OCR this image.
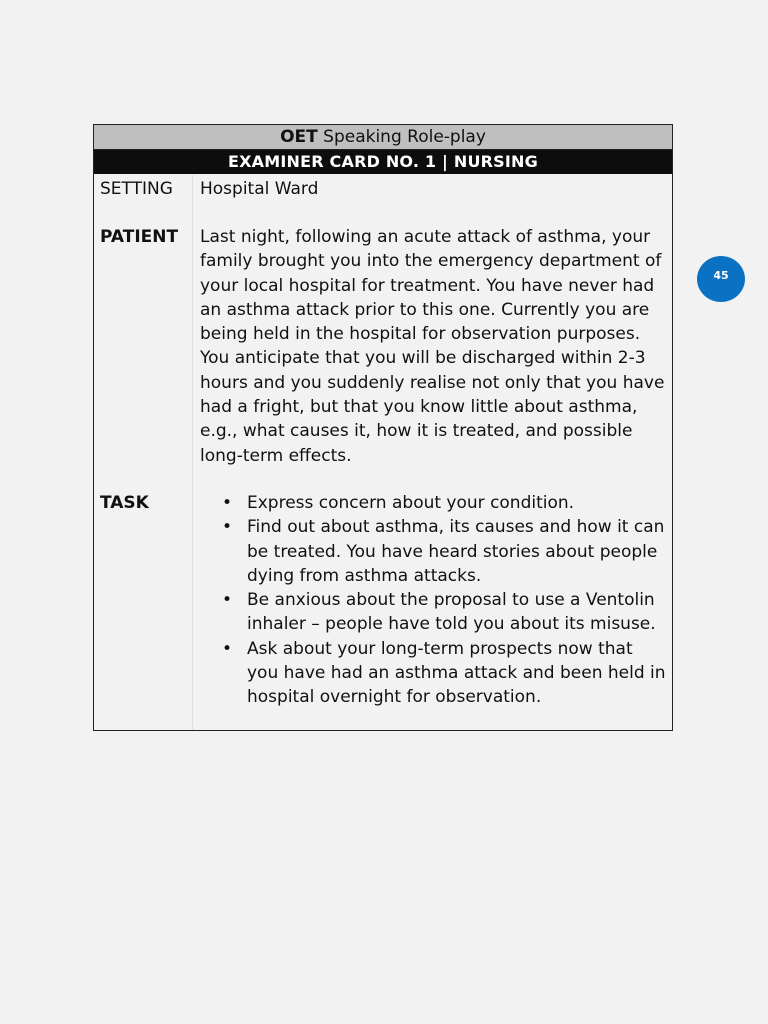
OET Speaking Role-play
EXAMINER CARD NO. 1 | NURSING
SETTING Hospital Ward
PATIENT Last night, following an acute attack of asthma, your family brought you into the emergency department of your local hospital for treatment. You have never had an asthma attack prior to this one. Currently you are being held in the hospital for observation purposes. You anticipate that you will be discharged within 2-3 hours and you suddenly realise not only that you have had a fright, but that you know little about asthma, e.g., what causes it, how it is treated, and possible long-term effects.
TASK	• Express concern about your condition.
• Find out about asthma, its causes and how it can be treated. You have heard stories about people dying from asthma attacks.
• Be anxious about the proposal to use a Ventolin inhaler – people have told you about its misuse.
• Ask about your long-term prospects now that you have had an asthma attack and been held in hospital overnight for observation.
45
